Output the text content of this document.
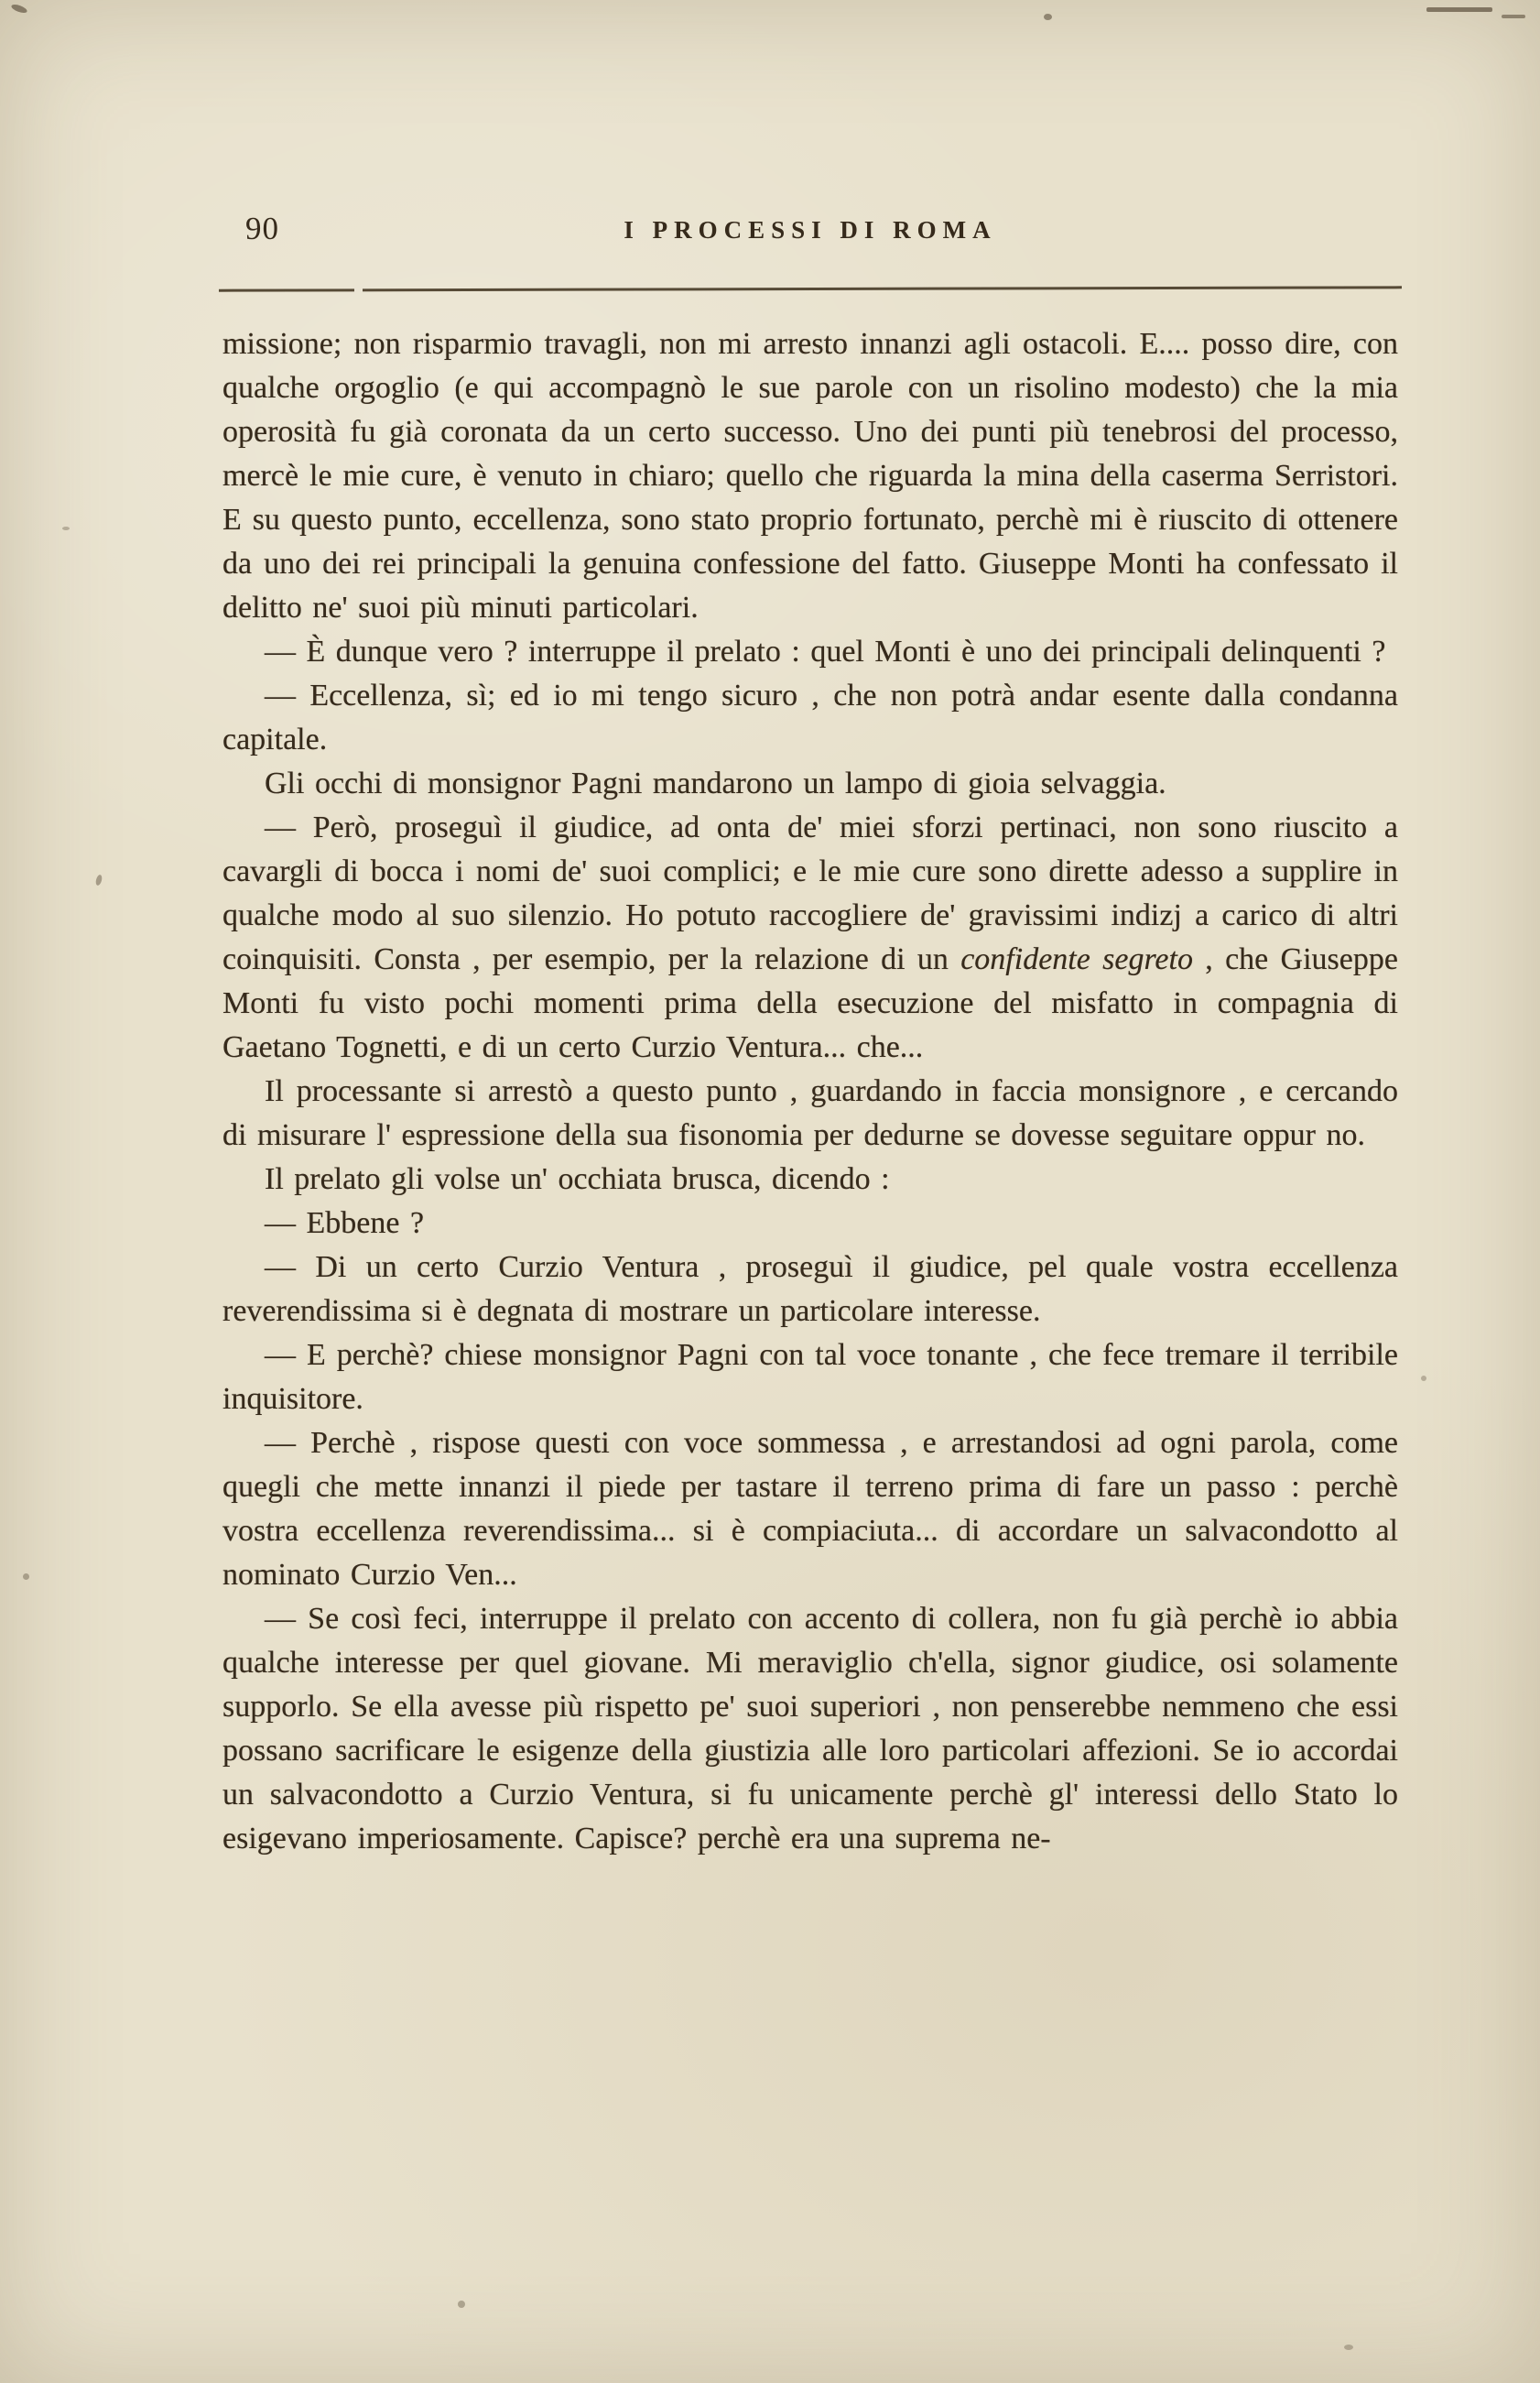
90	I PROCESSI DI ROMA

missione; non risparmio travagli, non mi arresto innanzi agli ostacoli. E.... posso dire, con qualche orgoglio (e qui accompagnò le sue parole con un risolino modesto) che la mia operosità fu già coronata da un certo successo. Uno dei punti più tenebrosi del processo, mercè le mie cure, è venuto in chiaro; quello che riguarda la mina della caserma Serristori. E su questo punto, eccellenza, sono stato proprio fortunato, perchè mi è riuscito di ottenere da uno dei rei principali la genuina confessione del fatto. Giuseppe Monti ha confessato il delitto ne' suoi più minuti particolari.

— È dunque vero ? interruppe il prelato : quel Monti è uno dei principali delinquenti ?

— Eccellenza, sì; ed io mi tengo sicuro , che non potrà andar esente dalla condanna capitale.

Gli occhi di monsignor Pagni mandarono un lampo di gioia selvaggia.

— Però, proseguì il giudice, ad onta de' miei sforzi pertinaci, non sono riuscito a cavargli di bocca i nomi de' suoi complici; e le mie cure sono dirette adesso a supplire in qualche modo al suo silenzio. Ho potuto raccogliere de' gravissimi indizj a carico di altri coinquisiti. Consta , per esempio, per la relazione di un confidente segreto , che Giuseppe Monti fu visto pochi momenti prima della esecuzione del misfatto in compagnia di Gaetano Tognetti, e di un certo Curzio Ventura... che...

Il processante si arrestò a questo punto , guardando in faccia monsignore , e cercando di misurare l' espressione della sua fisonomia per dedurne se dovesse seguitare oppur no.

Il prelato gli volse un' occhiata brusca, dicendo :

— Ebbene ?

— Di un certo Curzio Ventura , proseguì il giudice, pel quale vostra eccellenza reverendissima si è degnata di mostrare un particolare interesse.

— E perchè? chiese monsignor Pagni con tal voce tonante , che fece tremare il terribile inquisitore.

— Perchè , rispose questi con voce sommessa , e arrestandosi ad ogni parola, come quegli che mette innanzi il piede per tastare il terreno prima di fare un passo : perchè vostra eccellenza reverendissima... si è compiaciuta... di accordare un salvacondotto al nominato Curzio Ven...

— Se così feci, interruppe il prelato con accento di collera, non fu già perchè io abbia qualche interesse per quel giovane. Mi meraviglio ch'ella, signor giudice, osi solamente supporlo. Se ella avesse più rispetto pe' suoi superiori , non penserebbe nemmeno che essi possano sacrificare le esigenze della giustizia alle loro particolari affezioni. Se io accordai un salvacondotto a Curzio Ventura, si fu unicamente perchè gl' interessi dello Stato lo esigevano imperiosamente. Capisce? perchè era una suprema ne-
